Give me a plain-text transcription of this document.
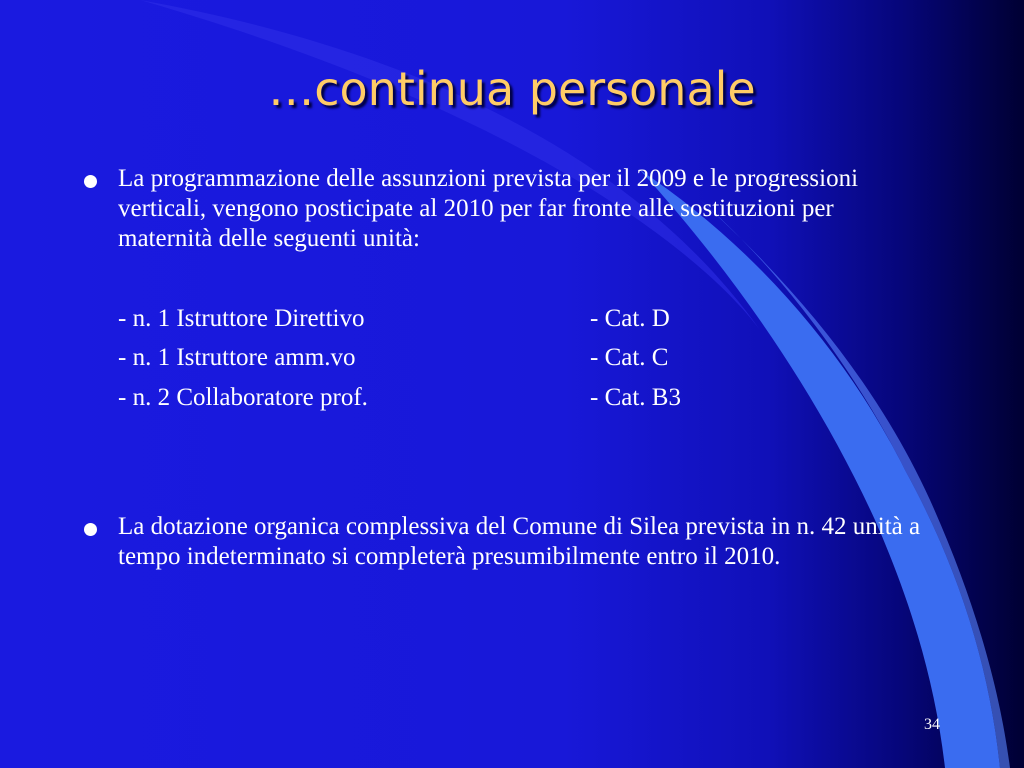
…continua personale

La programmazione delle assunzioni prevista per il 2009 e le progressioni verticali, vengono posticipate al 2010 per far fronte alle sostituzioni per maternità delle seguenti unità:

- n. 1 Istruttore Direttivo	- Cat. D
- n. 1 Istruttore amm.vo	- Cat. C
- n. 2 Collaboratore prof.	- Cat. B3

La dotazione organica complessiva del Comune di Silea prevista in n. 42 unità a tempo indeterminato si completerà presumibilmente entro il 2010.

34
